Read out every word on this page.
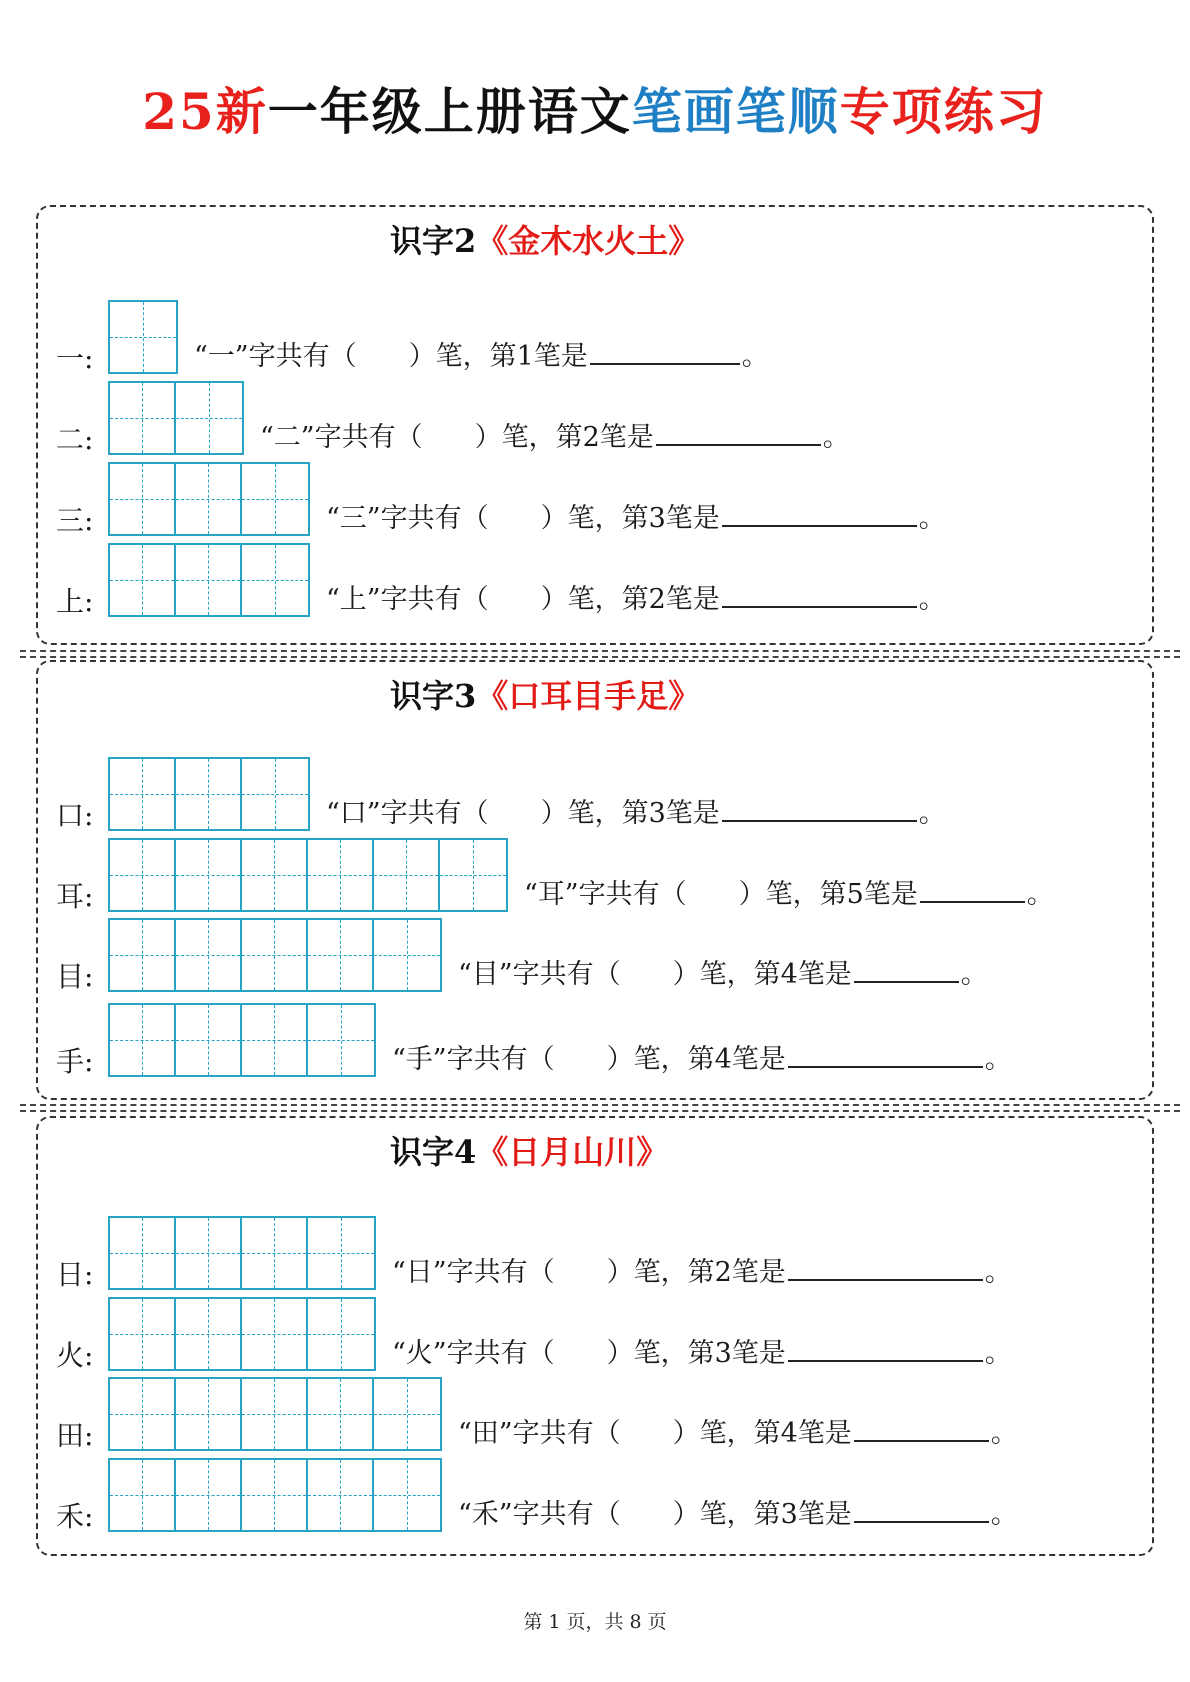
25新一年级上册语文笔画笔顺专项练习
识字2《金木水火土》
识字3《口耳目手足》
识字4《日月山川》
一:	“一”字共有（ ）笔，第1笔是	。
二:	“二”字共有（ ）笔，第2笔是	。
三:	“三”字共有（ ）笔，第3笔是	。
上:	“上”字共有（ ）笔，第2笔是	。
口:	“口”字共有（ ）笔，第3笔是	。
耳:	“耳”字共有（ ）笔，第5笔是	。
目:	“目”字共有（ ）笔，第4笔是	。
手:	“手”字共有（ ）笔，第4笔是	。
日:	“日”字共有（ ）笔，第2笔是	。
火:	“火”字共有（ ）笔，第3笔是	。
田:	“田”字共有（ ）笔，第4笔是	。
禾:	“禾”字共有（ ）笔，第3笔是	。
第 1 页，共 8 页
